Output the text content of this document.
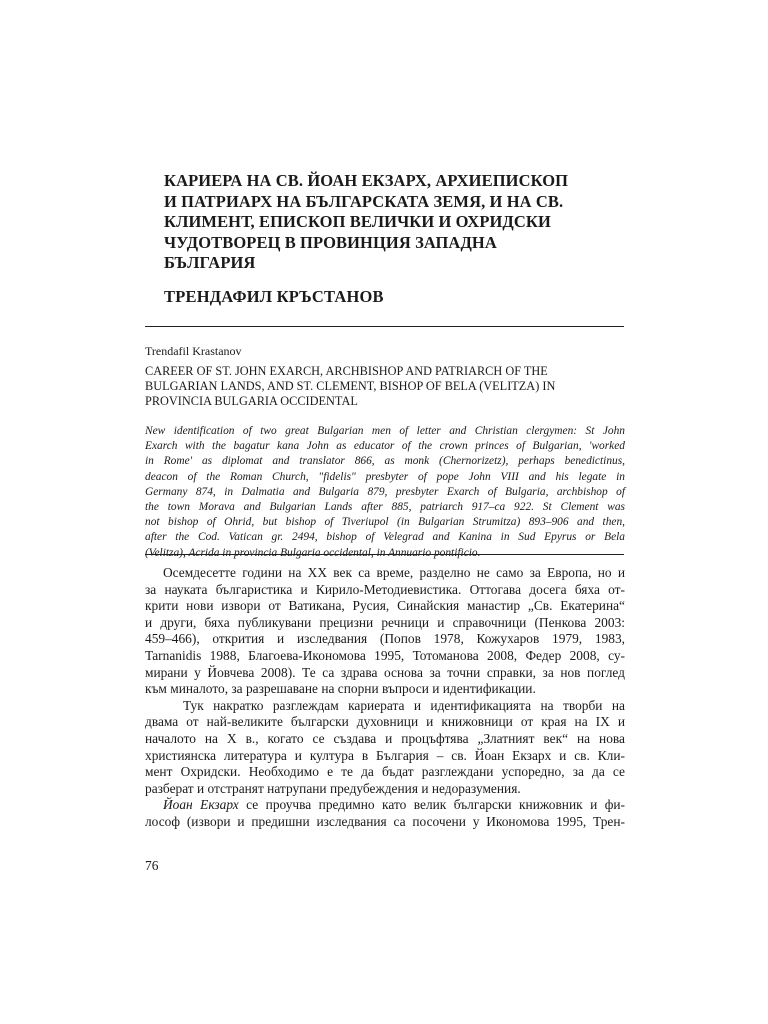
КАРИЕРА НА СВ. ЙОАН ЕКЗАРХ, АРХИЕПИСКОП
И ПАТРИАРХ НА БЪЛГАРСКАТА ЗЕМЯ, И НА СВ.
КЛИМЕНТ, ЕПИСКОП ВЕЛИЧКИ И ОХРИДСКИ
ЧУДОТВОРЕЦ В ПРОВИНЦИЯ ЗАПАДНА
БЪЛГАРИЯ
ТРЕНДАФИЛ КРЪСТАНОВ
Trendafil Krastanov
CAREER OF ST. JOHN EXARCH, ARCHBISHOP AND PATRIARCH OF THE
BULGARIAN LANDS, AND ST. CLEMENT, BISHOP OF BELA (VELITZA) IN
PROVINCIA BULGARIA OCCIDENTAL
New identification of two great Bulgarian men of letter and Christian clergymen: St John
Exarch with the bagatur kana John as educator of the crown princes of Bulgarian, 'worked
in Rome' as diplomat and translator 866, as monk (Chernorizetz), perhaps benedictinus,
deacon of the Roman Church, "fidelis" presbyter of pope John VIII and his legate in
Germany 874, in Dalmatia and Bulgaria 879, presbyter Exarch of Bulgaria, archbishop of
the town Morava and Bulgarian Lands after 885, patriarch 917–ca 922. St Clement was
not bishop of Ohrid, but bishop of Tiveriupol (in Bulgarian Strumitza) 893–906 and then,
after the Cod. Vatican gr. 2494, bishop of Velegrad and Kanina in Sud Epyrus or Bela
(Velitza), Acrida in provincia Bulgaria occidental, in Annuario pontificio.
Осемдесетте години на XX век са време, разделно не само за Европа, но и
за науката българистика и Кирило-Методиевистика. Оттогава досега бяха от-
крити нови извори от Ватикана, Русия, Синайския манастир „Св. Екатерина“
и други, бяха публикувани прецизни речници и справочници (Пенкова 2003:
459–466), открития и изследвания (Попов 1978, Кожухаров 1979, 1983,
Tarnanidis 1988, Благоева-Икономова 1995, Тотоманова 2008, Федер 2008, су-
мирани у Йовчева 2008). Те са здрава основа за точни справки, за нов поглед
към миналото, за разрешаване на спорни въпроси и идентификации.
Тук накратко разглеждам кариерата и идентификацията на творби на
двама от най-великите български духовници и книжовници от края на IX и
началото на X в., когато се създава и процъфтява „Златният век“ на нова
християнска литература и култура в България – св. Йоан Екзарх и св. Кли-
мент Охридски. Необходимо е те да бъдат разглеждани успоредно, за да се
разберат и отстранят натрупани предубеждения и недоразумения.
Йоан Екзарх се проучва предимно като велик български книжовник и фи-
лософ (извори и предишни изследвания са посочени у Икономова 1995, Трен-
76
